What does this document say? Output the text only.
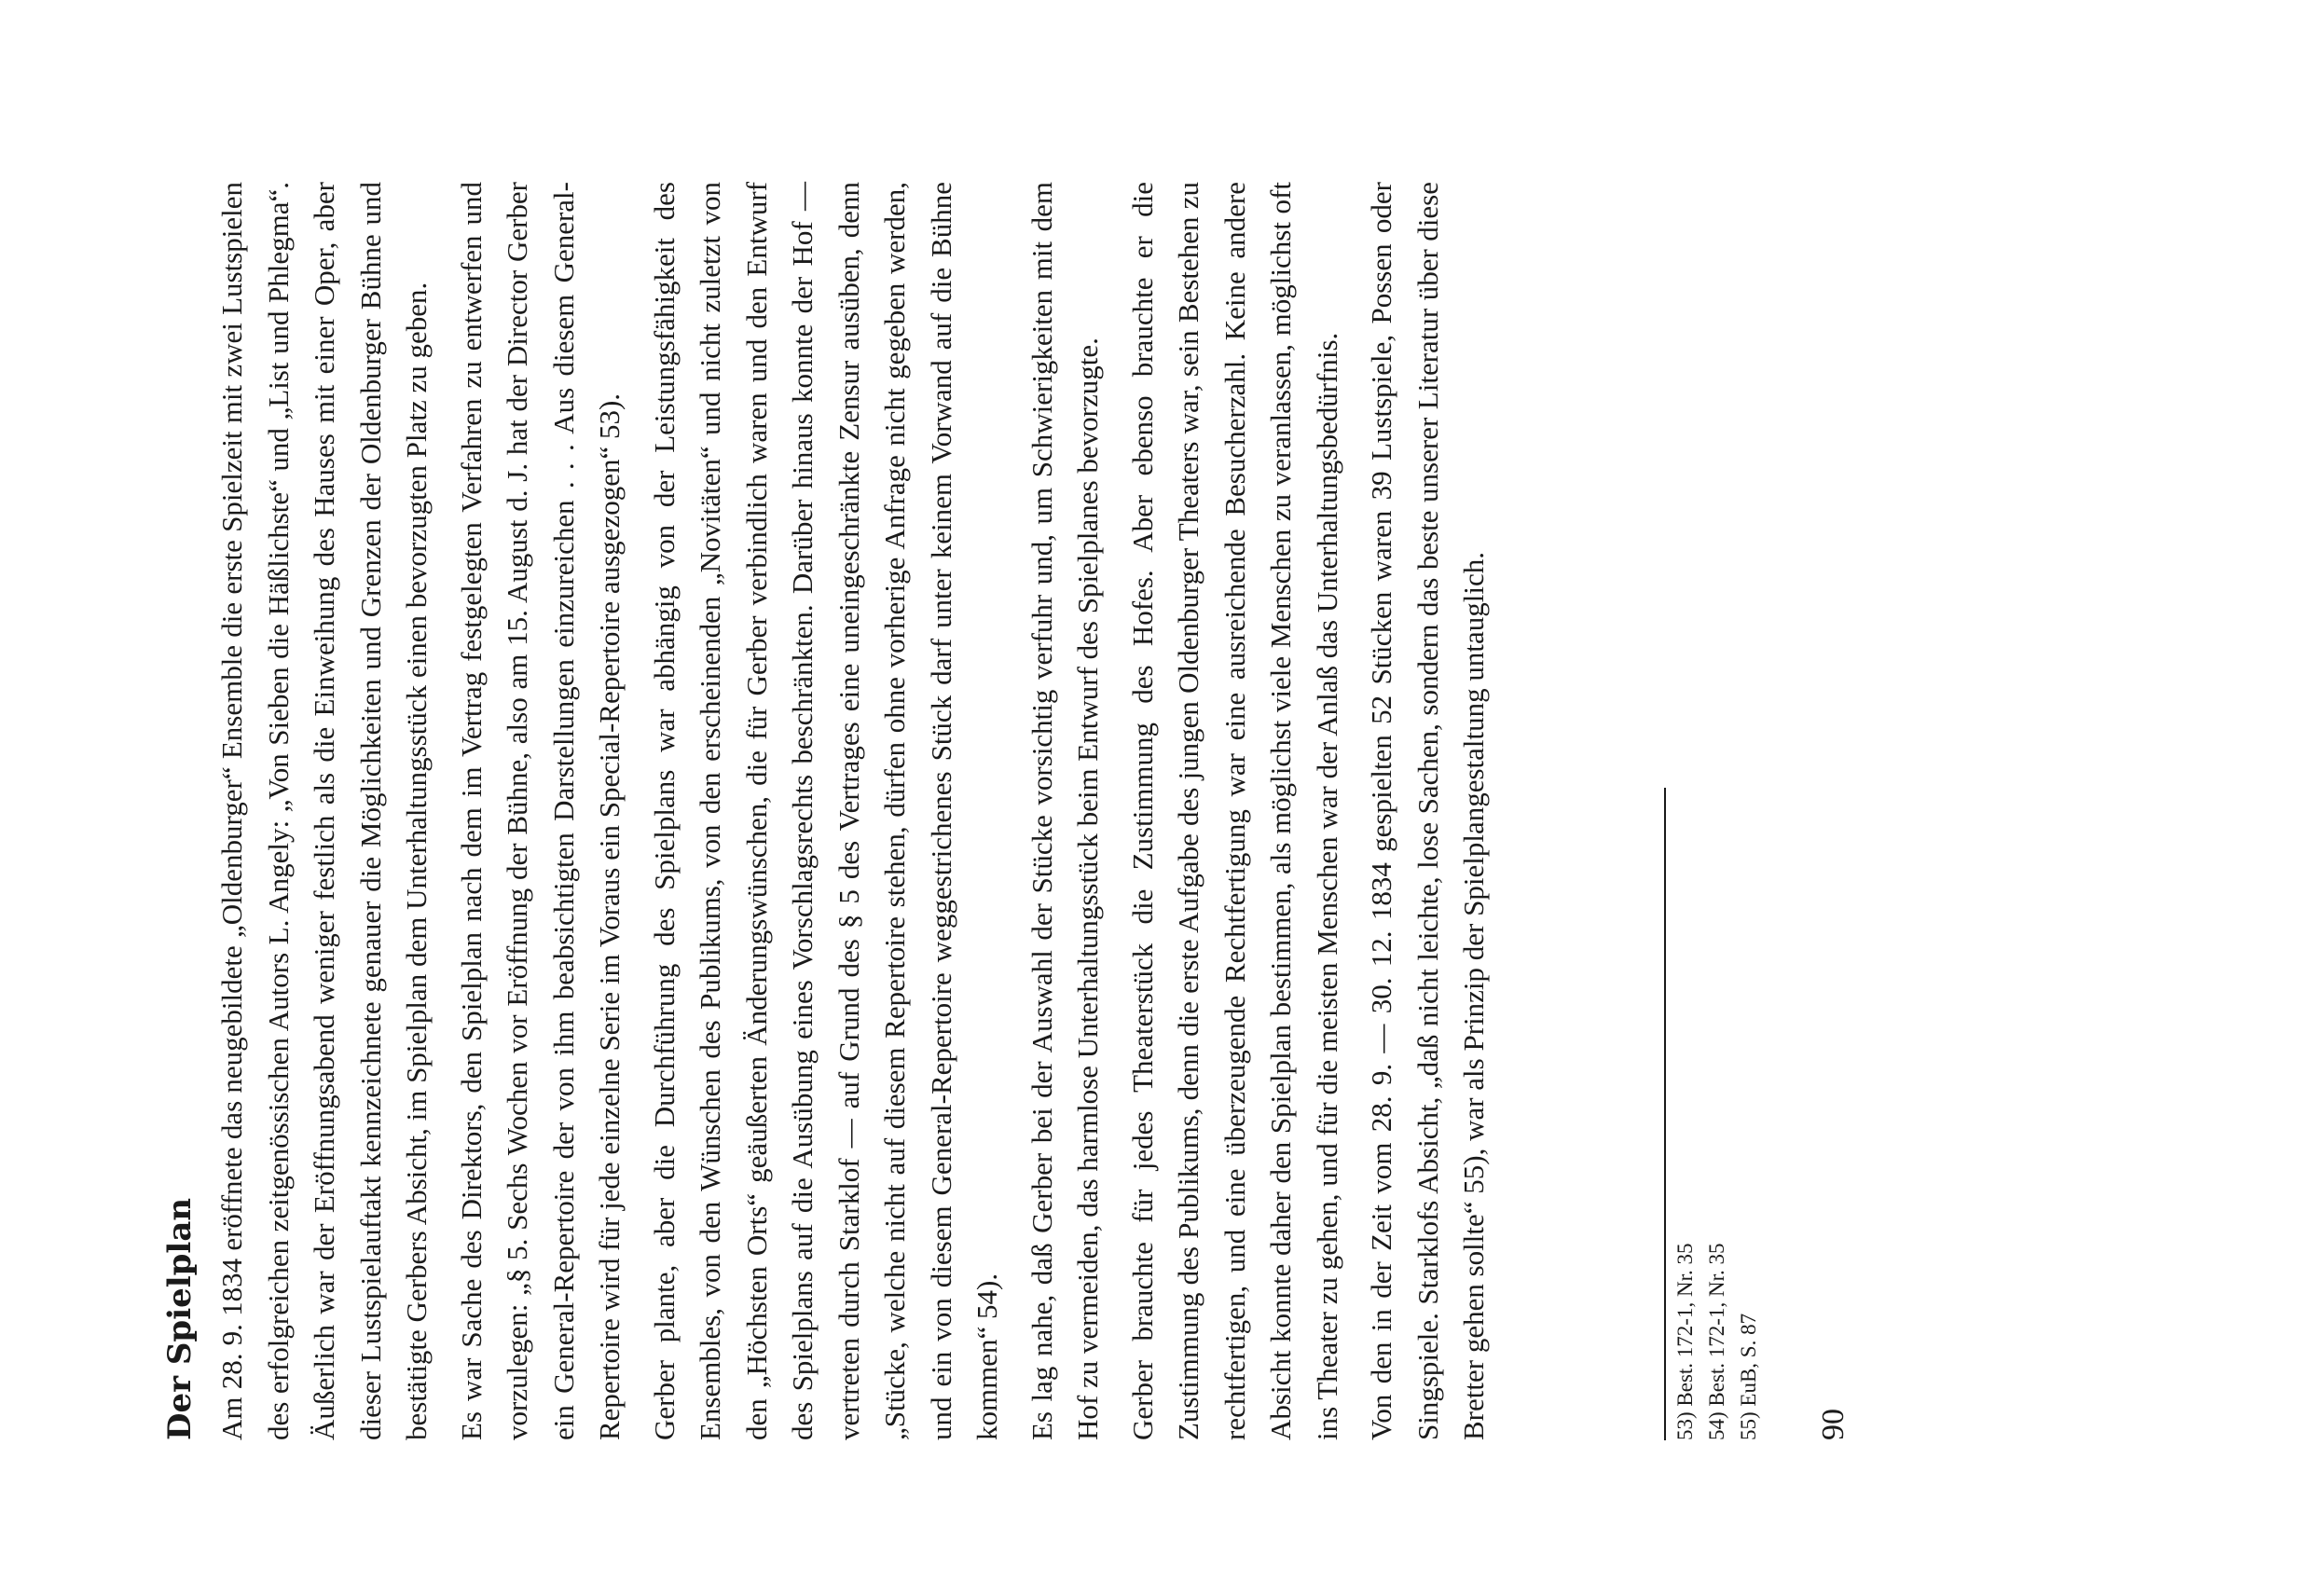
Der Spielplan Am 28. 9. 1834 eröffnete das neugebildete „Oldenburger“ Ensemble die erste Spielzeit mit zwei Lustspielen des erfolgreichen zeitgenössischen Autors L. Angely: „Von Sieben die Häßlichste“ und „List und Phlegma“. Äußerlich war der Eröffnungsabend weniger festlich als die Einweihung des Hauses mit einer Oper, aber dieser Lustspielauftakt kennzeichnete genauer die Möglichkeiten und Grenzen der Oldenburger Bühne und bestätigte Gerbers Absicht, im Spielplan dem Unterhaltungsstück einen bevorzugten Platz zu geben. Es war Sache des Direktors, den Spielplan nach dem im Vertrag festgelegten Verfahren zu entwerfen und vorzulegen: „§ 5. Sechs Wochen vor Eröffnung der Bühne, also am 15. August d. J. hat der Director Gerber ein General-Repertoire der von ihm beabsichtigten Darstellungen einzureichen . . . Aus diesem General-Repertoire wird für jede einzelne Serie im Voraus ein Special-Repertoire ausgezogen“ 53). Gerber plante, aber die Durchführung des Spielplans war abhängig von der Leistungsfähigkeit des Ensembles, von den Wünschen des Publikums, von den erscheinenden „Novitäten“ und nicht zuletzt von den „Höchsten Orts“ geäußerten Änderungswünschen, die für Gerber verbindlich waren und den Entwurf des Spielplans auf die Ausübung eines Vorschlagsrechts beschränkten. Darüber hinaus konnte der Hof — vertreten durch Starklof — auf Grund des § 5 des Vertrages eine uneingeschränkte Zensur ausüben, denn „Stücke, welche nicht auf diesem Repertoire stehen, dürfen ohne vorherige Anfrage nicht gegeben werden, und ein von diesem General-Repertoire weggestrichenes Stück darf unter keinem Vorwand auf die Bühne kommen“ 54). Es lag nahe, daß Gerber bei der Auswahl der Stücke vorsichtig verfuhr und, um Schwierigkeiten mit dem Hof zu vermeiden, das harmlose Unterhaltungsstück beim Entwurf des Spielplanes bevorzugte. Gerber brauchte für jedes Theaterstück die Zustimmung des Hofes. Aber ebenso brauchte er die Zustimmung des Publikums, denn die erste Aufgabe des jungen Oldenburger Theaters war, sein Bestehen zu rechtfertigen, und eine überzeugende Rechtfertigung war eine ausreichende Besucherzahl. Keine andere Absicht konnte daher den Spielplan bestimmen, als möglichst viele Menschen zu veranlassen, möglichst oft ins Theater zu gehen, und für die meisten Menschen war der Anlaß das Unterhaltungsbedürfnis. Von den in der Zeit vom 28. 9. — 30. 12. 1834 gespielten 52 Stücken waren 39 Lustspiele, Possen oder Singspiele. Starklofs Absicht, „daß nicht leichte, lose Sachen, sondern das beste unserer Literatur über diese Bretter gehen sollte“ 55), war als Prinzip der Spielplangestaltung untauglich.	53) Best. 172-1, Nr. 35 54) Best. 172-1, Nr. 35 55) EuB, S. 87 90
